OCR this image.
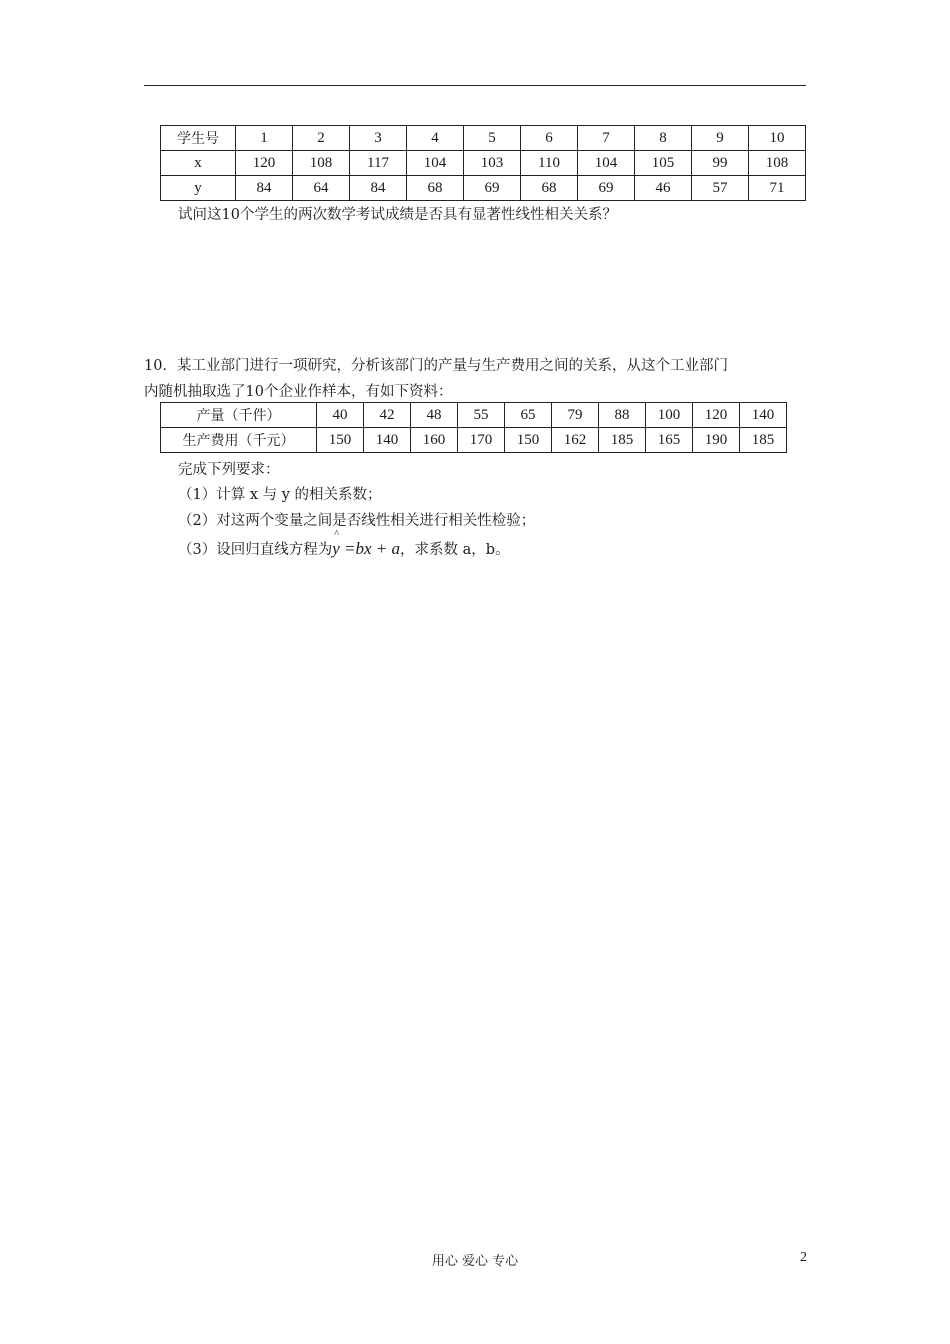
学生号	1	2	3	4	5	6	7	8	9	10
x	120	108	117	104	103	110	104	105	99	108
y	84	64	84	68	69	68	69	46	57	71
试问这10个学生的两次数学考试成绩是否具有显著性线性相关关系？
10．某工业部门进行一项研究，分析该部门的产量与生产费用之间的关系，从这个工业部门
内随机抽取选了10个企业作样本，有如下资料：
产量（千件）	40	42	48	55	65	79	88	100	120	140
生产费用（千元）	150	140	160	170	150	162	185	165	190	185
完成下列要求：
（1）计算 x 与 y 的相关系数；
（2）对这两个变量之间是否线性相关进行相关性检验；
（3）设回归直线方程为
^
y =bx + a，求系数 a，b。
用心 爱心 专心	2
